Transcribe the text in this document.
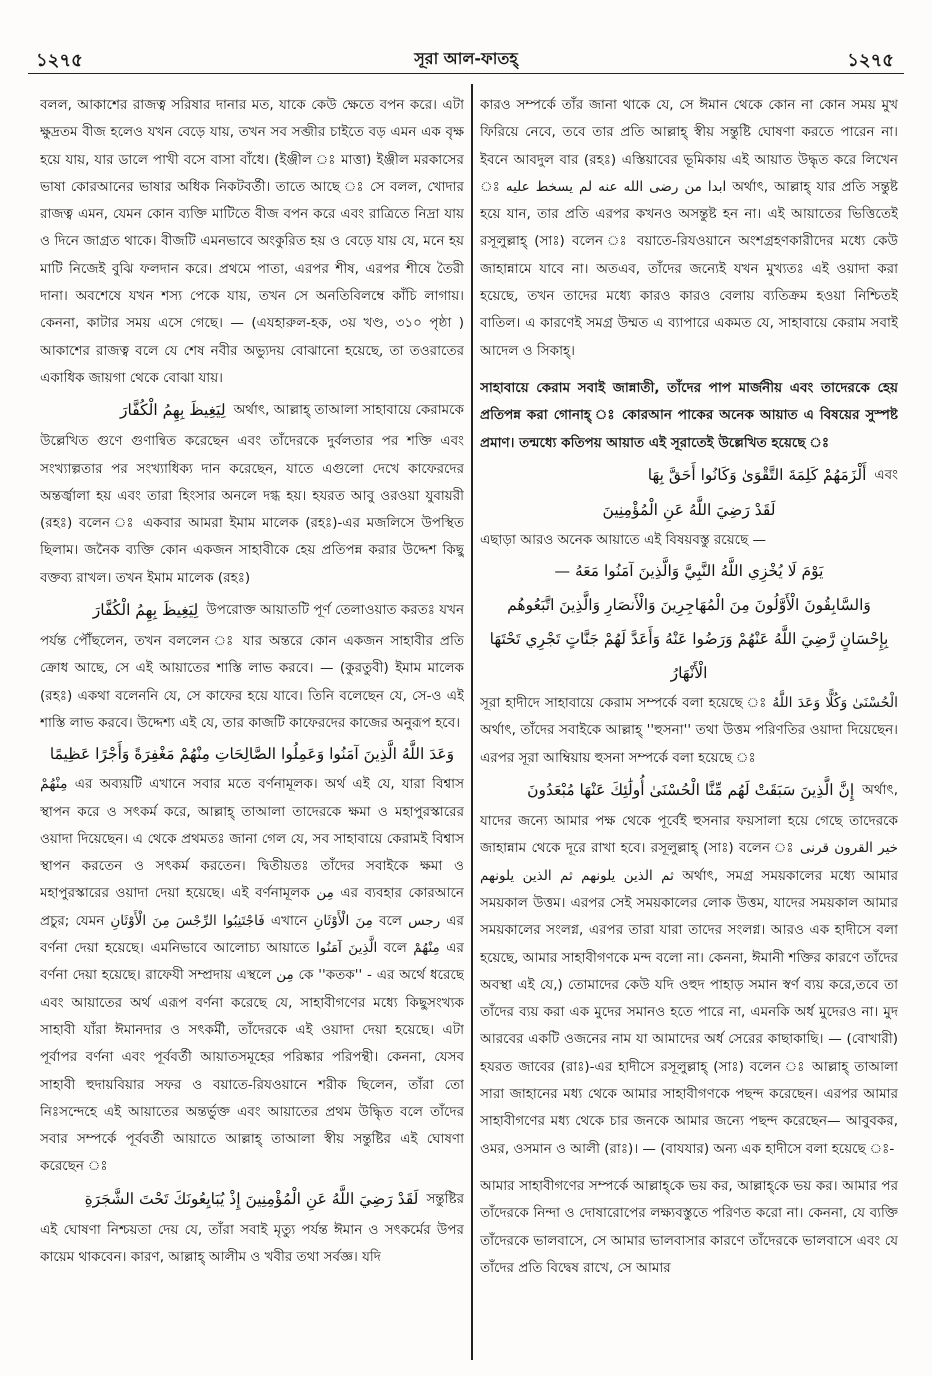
১২৭৫	সূরা আল-ফাতহ্	১২৭৫

বলল, আকাশের রাজত্ব সরিষার দানার মত, যাকে কেউ ক্ষেতে বপন করে। এটা ক্ষুদ্রতম বীজ হলেও যখন বেড়ে যায়, তখন সব সব্জীর চাইতে বড় এমন এক বৃক্ষ হয়ে যায়, যার ডালে পাখী বসে বাসা বাঁধে। (ইঞ্জীল ঃ মাত্তা) ইঞ্জীল মরকাসের ভাষা কোরআনের ভাষার অধিক নিকটবর্তী। তাতে আছে ঃ সে বলল, খোদার রাজত্ব এমন, যেমন কোন ব্যক্তি মাটিতে বীজ বপন করে এবং রাত্রিতে নিদ্রা যায় ও দিনে জাগ্রত থাকে। বীজটি এমনভাবে অংকুরিত হয় ও বেড়ে যায় যে, মনে হয় মাটি নিজেই বুঝি ফলদান করে। প্রথমে পাতা, এরপর শীষ, এরপর শীষে তৈরী দানা। অবশেষে যখন শস্য পেকে যায়, তখন সে অনতিবিলম্বে কাঁচি লাগায়। কেননা, কাটার সময় এসে গেছে। — (এযহারুল-হক, ৩য় খণ্ড, ৩১০ পৃষ্ঠা ) আকাশের রাজত্ব বলে যে শেষ নবীর অভ্যুদয় বোঝানো হয়েছে, তা তওরাতের একাধিক জায়গা থেকে বোঝা যায়।

لِيَغِيظَ بِهِمُ الْكُفَّارَ অর্থাৎ, আল্লাহ্ তাআলা সাহাবায়ে কেরামকে

উল্লেখিত গুণে গুণান্বিত করেছেন এবং তাঁদেরকে দুর্বলতার পর শক্তি এবং সংখ্যাল্পতার পর সংখ্যাধিক্য দান করেছেন, যাতে এগুলো দেখে কাফেরদের অন্তর্জ্বালা হয় এবং তারা হিংসার অনলে দগ্ধ হয়। হযরত আবু ওরওয়া যুবায়রী (রহঃ) বলেন ঃ একবার আমরা ইমাম মালেক (রহঃ)-এর মজলিসে উপস্থিত ছিলাম। জনৈক ব্যক্তি কোন একজন সাহাবীকে হেয় প্রতিপন্ন করার উদ্দেশ কিছু বক্তব্য রাখল। তখন ইমাম মালেক (রহঃ)

لِيَغِيظَ بِهِمُ الْكُفَّارَ উপরোক্ত আয়াতটি পূর্ণ তেলাওয়াত করতঃ যখন

পর্যন্ত পৌঁছলেন, তখন বললেন ঃ যার অন্তরে কোন একজন সাহাবীর প্রতি ক্রোধ আছে, সে এই আয়াতের শাস্তি লাভ করবে। — (কুরতুবী) ইমাম মালেক (রহঃ) একথা বলেননি যে, সে কাফের হয়ে যাবে। তিনি বলেছেন যে, সে-ও এই শাস্তি লাভ করবে। উদ্দেশ্য এই যে, তার কাজটি কাফেরদের কাজের অনুরূপ হবে।

وَعَدَ اللَّهُ الَّذِينَ آمَنُوا وَعَمِلُوا الصَّالِحَاتِ مِنْهُمْ مَغْفِرَةً وَأَجْرًا عَظِيمًا

مِنْهُمْ এর অব্যয়টি এখানে সবার মতে বর্ণনামূলক। অর্থ এই যে, যারা বিশ্বাস স্থাপন করে ও সৎকর্ম করে, আল্লাহ্ তাআলা তাদেরকে ক্ষমা ও মহাপুরস্কারের ওয়াদা দিয়েছেন। এ থেকে প্রথমতঃ জানা গেল যে, সব সাহাবায়ে কেরামই বিশ্বাস স্থাপন করতেন ও সৎকর্ম করতেন। দ্বিতীয়তঃ তাঁদের সবাইকে ক্ষমা ও মহাপুরস্কারের ওয়াদা দেয়া হয়েছে। এই বর্ণনামূলক مِن এর ব্যবহার কোরআনে প্রচুর; যেমন فَاجْتَنِبُوا الرِّجْسَ مِنَ الْأَوْثَانِ এখানে مِنَ الْأَوْثَانِ বলে رجس এর বর্ণনা দেয়া হয়েছে। এমনিভাবে আলোচ্য আয়াতে الَّذِينَ آمَنُوا বলে مِنْهُمْ এর বর্ণনা দেয়া হয়েছে। রাফেযী সম্প্রদায় এস্থলে مِن কে ''কতক'' - এর অর্থে ধরেছে এবং আয়াতের অর্থ এরূপ বর্ণনা করেছে যে, সাহাবীগণের মধ্যে কিছুসংখ্যক সাহাবী যাঁরা ঈমানদার ও সৎকর্মী, তাঁদেরকে এই ওয়াদা দেয়া হয়েছে। এটা পূর্বাপর বর্ণনা এবং পূর্ববর্তী আয়াতসমূহের পরিষ্কার পরিপন্থী। কেননা, যেসব সাহাবী হুদায়বিয়ার সফর ও বয়াতে-রিযওয়ানে শরীক ছিলেন, তাঁরা তো নিঃসন্দেহে এই আয়াতের অন্তর্ভুক্ত এবং আয়াতের প্রথম উদ্ধিৃত বলে তাঁদের সবার সম্পর্কে পূর্ববর্তী আয়াতে আল্লাহ্ তাআলা স্বীয় সন্তুষ্টির এই ঘোষণা করেছেন ঃ

لَقَدْ رَضِيَ اللَّهُ عَنِ الْمُؤْمِنِينَ إِذْ يُبَايِعُونَكَ تَحْتَ الشَّجَرَةِ সন্তুষ্টির

এই ঘোষণা নিশ্চয়তা দেয় যে, তাঁরা সবাই মৃত্যু পর্যন্ত ঈমান ও সৎকর্মের উপর কায়েম থাকবেন। কারণ, আল্লাহ্ আলীম ও খবীর তথা সর্বজ্ঞ। যদি

কারও সম্পর্কে তাঁর জানা থাকে যে, সে ঈমান থেকে কোন না কোন সময় মুখ ফিরিয়ে নেবে, তবে তার প্রতি আল্লাহ্ স্বীয় সন্তুষ্টি ঘোষণা করতে পারেন না। ইবনে আবদুল বার (রহঃ) এস্তিয়াবের ভূমিকায় এই আয়াত উদ্ধৃত করে লিখেন ঃ ابدا من رضى الله عنه لم يسخط عليه অর্থাৎ, আল্লাহ্ যার প্রতি সন্তুষ্ট হয়ে যান, তার প্রতি এরপর কখনও অসন্তুষ্ট হন না। এই আয়াতের ভিত্তিতেই রসূলুল্লাহ্ (সাঃ) বলেন ঃ বয়াতে-রিযওয়ানে অংশগ্রহণকারীদের মধ্যে কেউ জাহান্নামে যাবে না। অতএব, তাঁদের জন্যেই যখন মুখ্যতঃ এই ওয়াদা করা হয়েছে, তখন তাদের মধ্যে কারও কারও বেলায় ব্যতিক্রম হওয়া নিশ্চিতই বাতিল। এ কারণেই সমগ্র উম্মত এ ব্যাপারে একমত যে, সাহাবায়ে কেরাম সবাই আদেল ও সিকাহ্।

সাহাবায়ে কেরাম সবাই জান্নাতী, তাঁদের পাপ মার্জনীয় এবং তাদেরকে হেয় প্রতিপন্ন করা গোনাহ্ ঃ কোরআন পাকের অনেক আয়াত এ বিষয়ের সুস্পষ্ট প্রমাণ। তন্মধ্যে কতিপয় আয়াত এই সূরাতেই উল্লেখিত হয়েছে ঃ

أَلْزَمَهُمْ كَلِمَةَ التَّقْوَىٰ وَكَانُوا أَحَقَّ بِهَا এবং
لَقَدْ رَضِيَ اللَّهُ عَنِ الْمُؤْمِنِينَ

এছাড়া আরও অনেক আয়াতে এই বিষয়বস্তু রয়েছে —

يَوْمَ لَا يُخْزِي اللَّهُ النَّبِيَّ وَالَّذِينَ آمَنُوا مَعَهُ —
وَالسَّابِقُونَ الْأَوَّلُونَ مِنَ الْمُهَاجِرِينَ وَالْأَنصَارِ وَالَّذِينَ اتَّبَعُوهُم
بِإِحْسَانٍ رَّضِيَ اللَّهُ عَنْهُمْ وَرَضُوا عَنْهُ وَأَعَدَّ لَهُمْ جَنَّاتٍ تَجْرِي تَحْتَهَا الْأَنْهَارُ

সূরা হাদীদে সাহাবায়ে কেরাম সম্পর্কে বলা হয়েছে ঃ وَكُلًّا وَعَدَ اللَّهُ الْحُسْنَىٰ অর্থাৎ, তাঁদের সবাইকে আল্লাহ্ ''হুসনা'' তথা উত্তম পরিণতির ওয়াদা দিয়েছেন। এরপর সূরা আম্বিয়ায় হুসনা সম্পর্কে বলা হয়েছে ঃ

إِنَّ الَّذِينَ سَبَقَتْ لَهُم مِّنَّا الْحُسْنَىٰ أُولَٰئِكَ عَنْهَا مُبْعَدُونَ অর্থাৎ,

যাদের জন্যে আমার পক্ষ থেকে পূর্বেই হুসনার ফয়সালা হয়ে গেছে তাদেরকে জাহান্নাম থেকে দূরে রাখা হবে। রসূলুল্লাহ্ (সাঃ) বলেন ঃ خير القرون قرنى ثم الذين يلونهم ثم الذين يلونهم অর্থাৎ, সমগ্র সময়কালের মধ্যে আমার সময়কাল উত্তম। এরপর সেই সময়কালের লোক উত্তম, যাদের সময়কাল আমার সময়কালের সংলগ্ন, এরপর তারা যারা তাদের সংলগ্ন। আরও এক হাদীসে বলা হয়েছে, আমার সাহাবীগণকে মন্দ বলো না। কেননা, ঈমানী শক্তির কারণে তাঁদের অবস্থা এই যে,) তোমাদের কেউ যদি ওহুদ পাহাড় সমান স্বর্ণ ব্যয় করে,তবে তা তাঁদের ব্যয় করা এক মুদের সমানও হতে পারে না, এমনকি অর্ধ মুদেরও না। মুদ আরবের একটি ওজনের নাম যা আমাদের অর্ধ সেরের কাছাকাছি। — (বোখারী) হযরত জাবের (রাঃ)-এর হাদীসে রসূলুল্লাহ্ (সাঃ) বলেন ঃ আল্লাহ্ তাআলা সারা জাহানের মধ্য থেকে আমার সাহাবীগণকে পছন্দ করেছেন। এরপর আমার সাহাবীগণের মধ্য থেকে চার জনকে আমার জন্যে পছন্দ করেছেন— আবুবকর, ওমর, ওসমান ও আলী (রাঃ)। — (বাযযার) অন্য এক হাদীসে বলা হয়েছে ঃ-

আমার সাহাবীগণের সম্পর্কে আল্লাহ্‌কে ভয় কর, আল্লাহ্‌কে ভয় কর। আমার পর তাঁদেরকে নিন্দা ও দোষারোপের লক্ষ্যবস্তুতে পরিণত করো না। কেননা, যে ব্যক্তি তাঁদেরকে ভালবাসে, সে আমার ভালবাসার কারণে তাঁদেরকে ভালবাসে এবং যে তাঁদের প্রতি বিদ্বেষ রাখে, সে আমার
